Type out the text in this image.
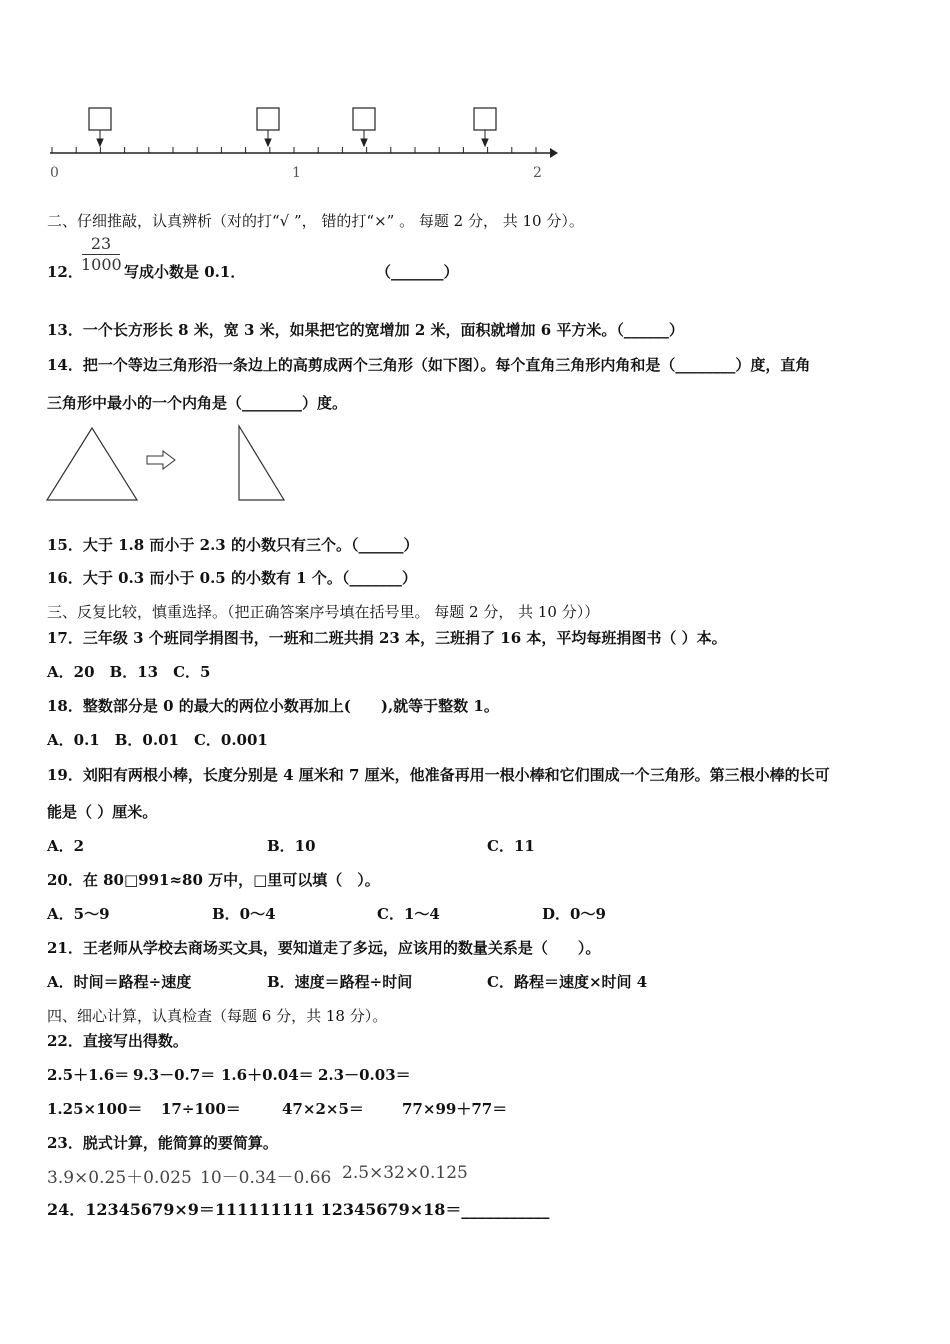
0	1	2
二、仔细推敲，认真辨析（对的打“√ ”， 错的打“×” 。 每题 2 分， 共 10 分）。
12．
23
1000 写成小数是 0.1．	（_______）
13．一个长方形长 8 米，宽 3 米，如果把它的宽增加 2 米，面积就增加 6 平方米。（______）
14．把一个等边三角形沿一条边上的高剪成两个三角形（如下图）。每个直角三角形内角和是（________）度，直角
三角形中最小的一个内角是（________）度。
15．大于 1.8 而小于 2.3 的小数只有三个。（______）
16．大于 0.3 而小于 0.5 的小数有 1 个。（_______）
三、反复比较，慎重选择。（把正确答案序号填在括号里。 每题 2 分， 共 10 分））
17．三年级 3 个班同学捐图书，一班和二班共捐 23 本，三班捐了 16 本，平均每班捐图书（ ）本。
A．20　B．13　C．5
18．整数部分是 0 的最大的两位小数再加上(　　),就等于整数 1。
A．0.1　B．0.01　C．0.001
19．刘阳有两根小棒，长度分别是 4 厘米和 7 厘米，他准备再用一根小棒和它们围成一个三角形。第三根小棒的长可
能是（ ）厘米。
A．2	B．10	C．11
20．在 80□991≈80 万中，□里可以填（　）。
A．5～9	B．0～4	C．1～4	D．0～9
21．王老师从学校去商场买文具，要知道走了多远，应该用的数量关系是（　　）。
A．时间＝路程÷速度	B．速度＝路程÷时间	C．路程＝速度×时间 4
四、细心计算，认真检查（每题 6 分，共 18 分）。
22．直接写出得数。
2.5＋1.6＝ 9.3－0.7＝ 1.6＋0.04＝ 2.3－0.03＝
1.25×100＝ 17÷100＝	47×2×5＝	77×99＋77＝
23．脱式计算，能简算的要简算。
3.9×0.25＋0.025 10－0.34－0.66 2.5×32×0.125
24．12345679×9＝111111111 12345679×18＝___________
